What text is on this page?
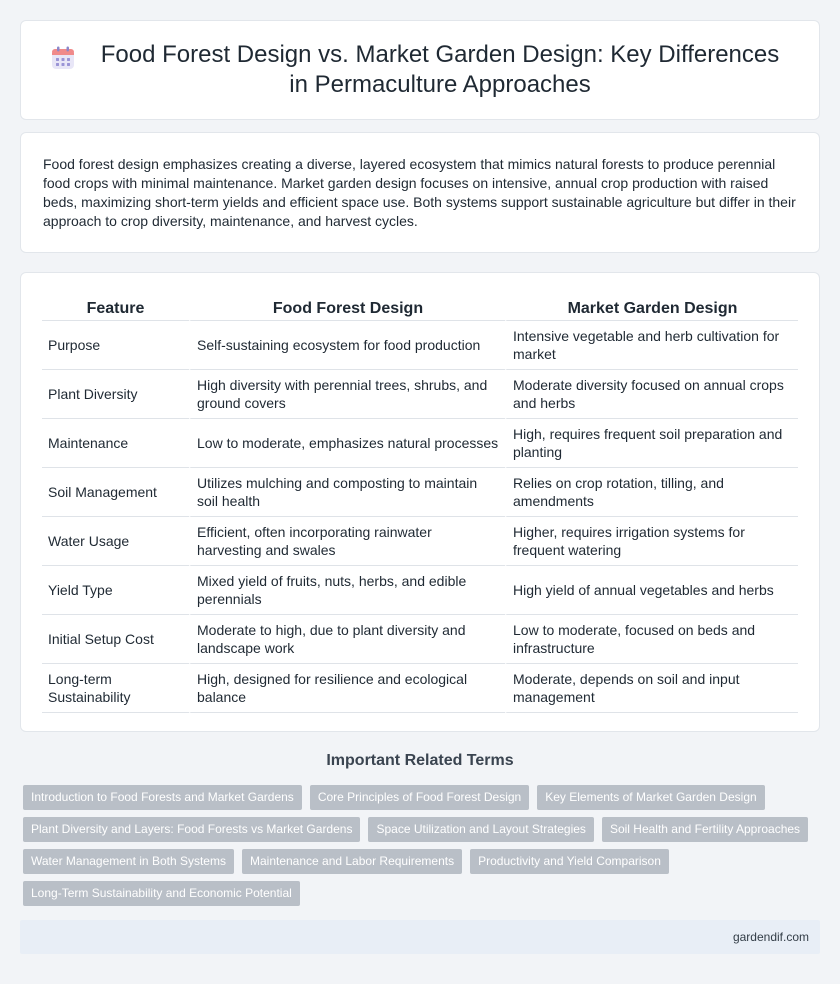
Food Forest Design vs. Market Garden Design: Key Differences in Permaculture Approaches

Food forest design emphasizes creating a diverse, layered ecosystem that mimics natural forests to produce perennial food crops with minimal maintenance. Market garden design focuses on intensive, annual crop production with raised beds, maximizing short-term yields and efficient space use. Both systems support sustainable agriculture but differ in their approach to crop diversity, maintenance, and harvest cycles.

Feature	Food Forest Design	Market Garden Design
Purpose	Self-sustaining ecosystem for food production	Intensive vegetable and herb cultivation for market
Plant Diversity	High diversity with perennial trees, shrubs, and ground covers	Moderate diversity focused on annual crops and herbs
Maintenance	Low to moderate, emphasizes natural processes	High, requires frequent soil preparation and planting
Soil Management	Utilizes mulching and composting to maintain soil health	Relies on crop rotation, tilling, and amendments
Water Usage	Efficient, often incorporating rainwater harvesting and swales	Higher, requires irrigation systems for frequent watering
Yield Type	Mixed yield of fruits, nuts, herbs, and edible perennials	High yield of annual vegetables and herbs
Initial Setup Cost	Moderate to high, due to plant diversity and landscape work	Low to moderate, focused on beds and infrastructure
Long-term Sustainability	High, designed for resilience and ecological balance	Moderate, depends on soil and input management
Important Related Terms
Introduction to Food Forests and Market Gardens	Core Principles of Food Forest Design	Key Elements of Market Garden Design
Plant Diversity and Layers: Food Forests vs Market Gardens	Space Utilization and Layout Strategies	Soil Health and Fertility Approaches
Water Management in Both Systems	Maintenance and Labor Requirements	Productivity and Yield Comparison
Long-Term Sustainability and Economic Potential
gardendif.com
